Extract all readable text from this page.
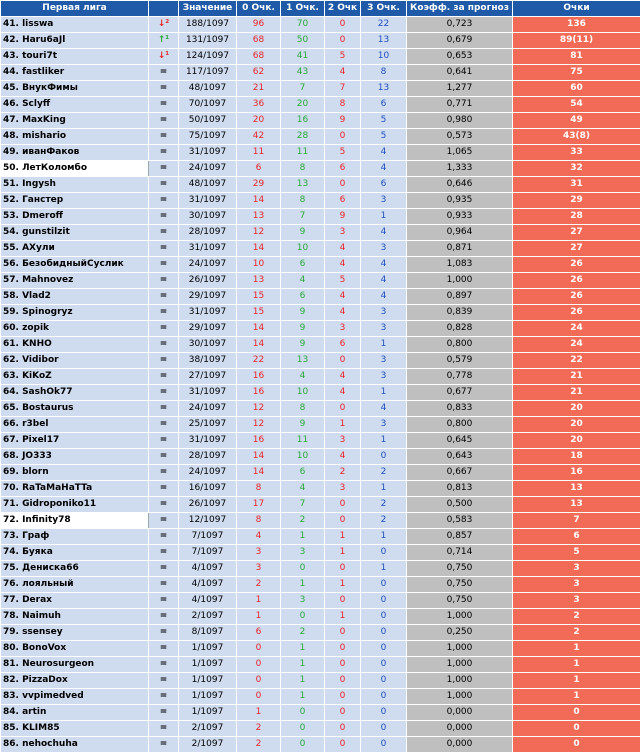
Первая лига		Значение	0 Очк.	1 Очк.	2 Очк	3 Очк.	Коэфф. за прогноз	Очки
41. lisswa	↓²	188/1097	96	70	0	22	0,723	136
42. Haru6aJl	↑¹	131/1097	68	50	0	13	0,679	89(11)
43. touri7t	↓¹	124/1097	68	41	5	10	0,653	81
44. fastliker	=	117/1097	62	43	4	8	0,641	75
45. ВнукФимы	=	48/1097	21	7	7	13	1,277	60
46. Sclyff	=	70/1097	36	20	8	6	0,771	54
47. MaxKing	=	50/1097	20	16	9	5	0,980	49
48. mishario	=	75/1097	42	28	0	5	0,573	43(8)
49. иванФаков	=	31/1097	11	11	5	4	1,065	33
50. ЛетКоломбо	=	24/1097	6	8	6	4	1,333	32
51. Ingysh	=	48/1097	29	13	0	6	0,646	31
52. Ганстер	=	31/1097	14	8	6	3	0,935	29
53. Dmeroff	=	30/1097	13	7	9	1	0,933	28
54. gunstilzit	=	28/1097	12	9	3	4	0,964	27
55. АХули	=	31/1097	14	10	4	3	0,871	27
56. БезобидныйСуслик	=	24/1097	10	6	4	4	1,083	26
57. Mahnovez	=	26/1097	13	4	5	4	1,000	26
58. Vlad2	=	29/1097	15	6	4	4	0,897	26
59. Spinogryz	=	31/1097	15	9	4	3	0,839	26
60. zopik	=	29/1097	14	9	3	3	0,828	24
61. KNHO	=	30/1097	14	9	6	1	0,800	24
62. Vidibor	=	38/1097	22	13	0	3	0,579	22
63. KiKoZ	=	27/1097	16	4	4	3	0,778	21
64. SashOk77	=	31/1097	16	10	4	1	0,677	21
65. Bostaurus	=	24/1097	12	8	0	4	0,833	20
66. r3bel	=	25/1097	12	9	1	3	0,800	20
67. Pixel17	=	31/1097	16	11	3	1	0,645	20
68. JO333	=	28/1097	14	10	4	0	0,643	18
69. blorn	=	24/1097	14	6	2	2	0,667	16
70. RaTaMaHaTTa	=	16/1097	8	4	3	1	0,813	13
71. Gidroponiko11	=	26/1097	17	7	0	2	0,500	13
72. Infinity78	=	12/1097	8	2	0	2	0,583	7
73. Граф	=	7/1097	4	1	1	1	0,857	6
74. Буяка	=	7/1097	3	3	1	0	0,714	5
75. Дениска66	=	4/1097	3	0	0	1	0,750	3
76. лояльный	=	4/1097	2	1	1	0	0,750	3
77. Derax	=	4/1097	1	3	0	0	0,750	3
78. Naimuh	=	2/1097	1	0	1	0	1,000	2
79. ssensey	=	8/1097	6	2	0	0	0,250	2
80. BonoVox	=	1/1097	0	1	0	0	1,000	1
81. Neurosurgeon	=	1/1097	0	1	0	0	1,000	1
82. PizzaDox	=	1/1097	0	1	0	0	1,000	1
83. vvpimedved	=	1/1097	0	1	0	0	1,000	1
84. artin	=	1/1097	1	0	0	0	0,000	0
85. KLIM85	=	2/1097	2	0	0	0	0,000	0
86. nehochuha	=	2/1097	2	0	0	0	0,000	0
